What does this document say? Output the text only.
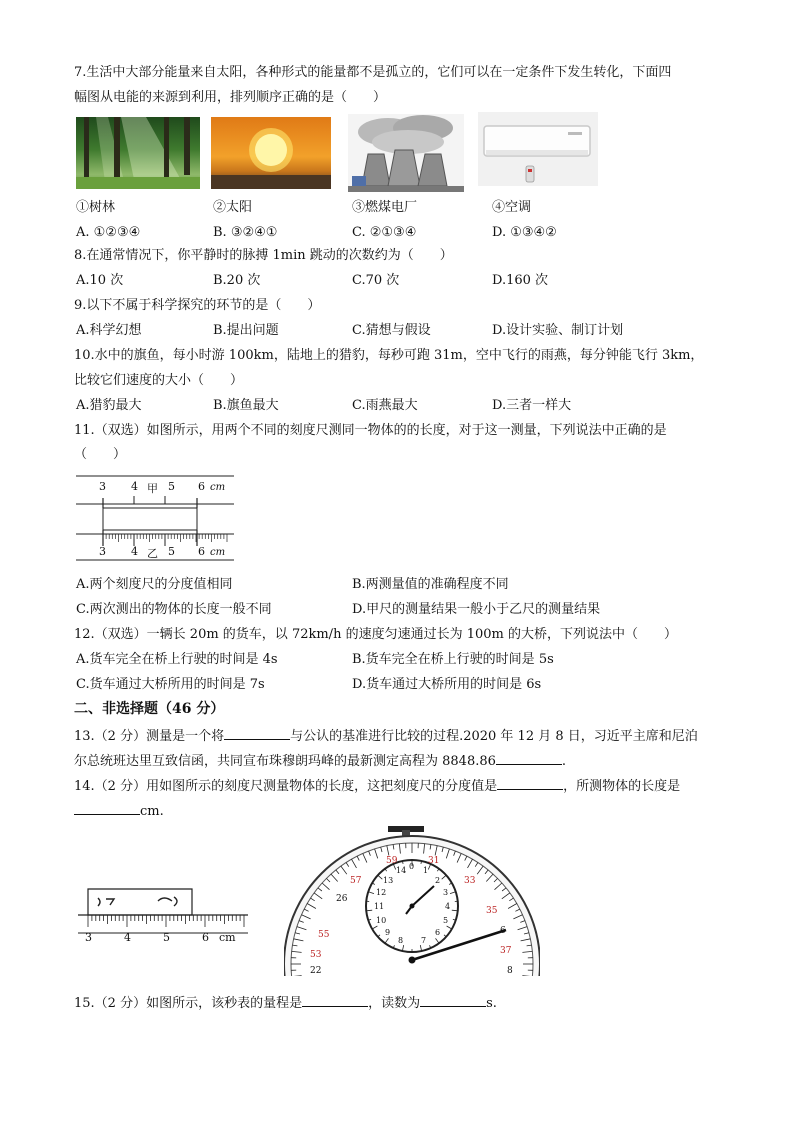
7.生活中大部分能量来自太阳，各种形式的能量都不是孤立的，它们可以在一定条件下发生转化，下面四
幅图从电能的来源到利用，排列顺序正确的是（　　）
①树林	②太阳	③燃煤电厂	④空调
A. ①②③④	B. ③②④①	C. ②①③④	D. ①③④②
8.在通常情况下，你平静时的脉搏 1min 跳动的次数约为（　　）
A.10 次	B.20 次	C.70 次	D.160 次
9.以下不属于科学探究的环节的是（　　）
A.科学幻想	B.提出问题	C.猜想与假设	D.设计实验、制订计划
10.水中的旗鱼，每小时游 100km，陆地上的猎豹，每秒可跑 31m，空中飞行的雨燕，每分钟能飞行 3km，
比较它们速度的大小（　　）
A.猎豹最大	B.旗鱼最大	C.雨燕最大	D.三者一样大
11.（双选）如图所示，用两个不同的刻度尺测同一物体的的长度，对于这一测量，下列说法中正确的是
（　　）
3 4 甲 5 6 cm
3 4 乙 5 6 cm
A.两个刻度尺的分度值相同	B.两测量值的准确程度不同
C.两次测出的物体的长度一般不同	D.甲尺的测量结果一般小于乙尺的测量结果
12.（双选）一辆长 20m 的货车，以 72km/h 的速度匀速通过长为 100m 的大桥，下列说法中（　　）
A.货车完全在桥上行驶的时间是 4s	B.货车完全在桥上行驶的时间是 5s
C.货车通过大桥所用的时间是 7s	D.货车通过大桥所用的时间是 6s
二、非选择题（46 分）
13.（2 分）测量是一个将	与公认的基准进行比较的过程.2020 年 12 月 8 日，习近平主席和尼泊
尔总统班达里互致信函，共同宣布珠穆朗玛峰的最新测定高程为 8848.86	.
14.（2 分）用如图所示的刻度尺测量物体的长度，这把刻度尺的分度值是	，所测物体的长度是
cm.
3	4	5	6 cm
59	31
57	33
26
35
55	6
37
53
22	8
0
14 1
13	2
12	3
11	4
10	5
9	6
8 7
15.（2 分）如图所示，该秒表的量程是	，读数为	s.
